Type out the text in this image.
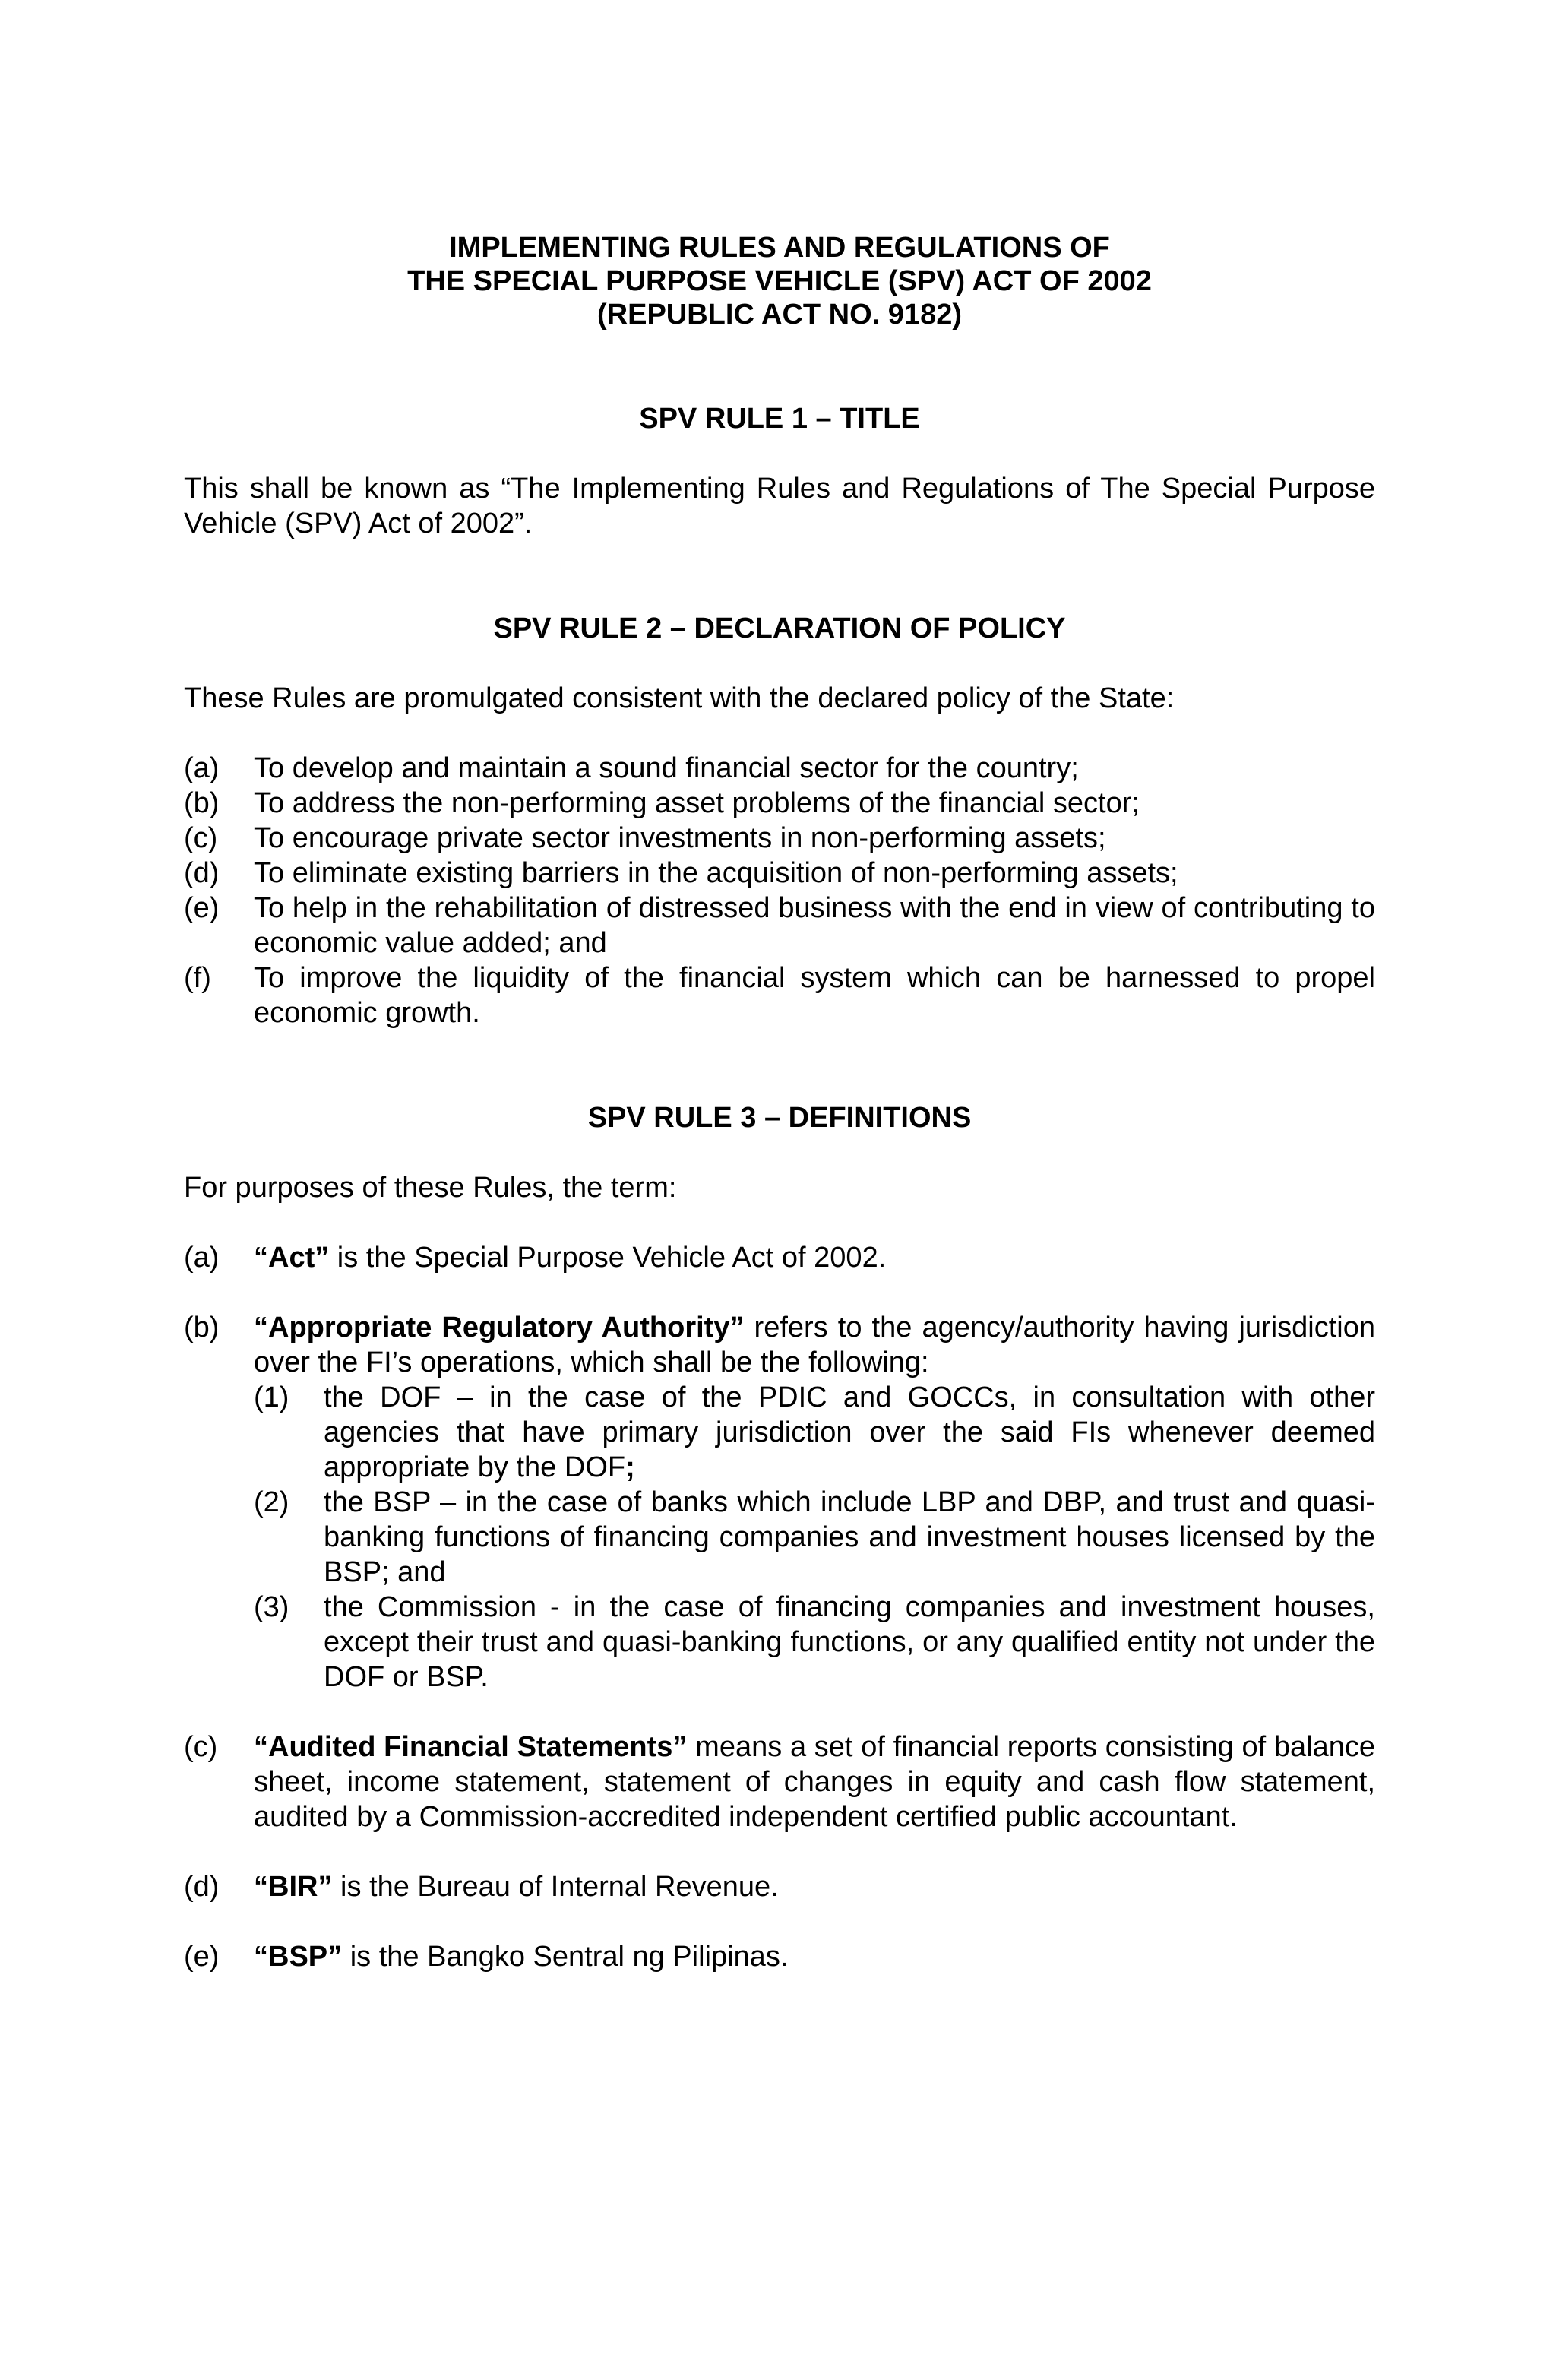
IMPLEMENTING RULES AND REGULATIONS OF
THE SPECIAL PURPOSE VEHICLE (SPV) ACT OF 2002
(REPUBLIC ACT NO. 9182)
SPV RULE 1 – TITLE

This shall be known as “The Implementing Rules and Regulations of The Special Purpose Vehicle (SPV) Act of 2002”.

SPV RULE 2 – DECLARATION OF POLICY

These Rules are promulgated consistent with the declared policy of the State:

(a)	To develop and maintain a sound financial sector for the country;
(b)	To address the non-performing asset problems of the financial sector;
(c)	To encourage private sector investments in non-performing assets;
(d)	To eliminate existing barriers in the acquisition of non-performing assets;
(e)	To help in the rehabilitation of distressed business with the end in view of contributing to economic value added; and
(f)	To improve the liquidity of the financial system which can be harnessed to propel economic growth.
SPV RULE 3 – DEFINITIONS

For purposes of these Rules, the term:

(a)	“Act” is the Special Purpose Vehicle Act of 2002.
(b)	“Appropriate Regulatory Authority” refers to the agency/authority having jurisdiction over the FI’s operations, which shall be the following:
(1)	the DOF – in the case of the PDIC and GOCCs, in consultation with other agencies that have primary jurisdiction over the said FIs whenever deemed appropriate by the DOF;
(2)	the BSP – in the case of banks which include LBP and DBP, and trust and quasi-banking functions of financing companies and investment houses licensed by the BSP; and
(3)	the Commission - in the case of financing companies and investment houses, except their trust and quasi-banking functions, or any qualified entity not under the DOF or BSP.
(c)	“Audited Financial Statements” means a set of financial reports consisting of balance sheet, income statement, statement of changes in equity and cash flow statement, audited by a Commission-accredited independent certified public accountant.
(d)	“BIR” is the Bureau of Internal Revenue.
(e)	“BSP” is the Bangko Sentral ng Pilipinas.
